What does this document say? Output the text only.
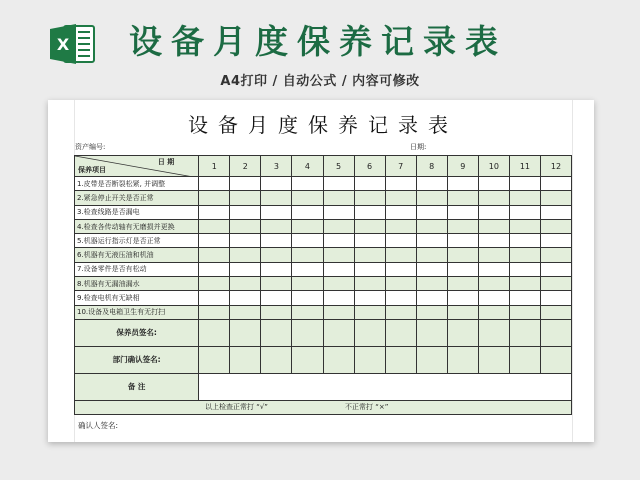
X	设备月度保养记录表
A4打印 / 自动公式 / 内容可修改
设备月度保养记录表
资产编号:	日期:
日 期
保养项目	1	2	3	4	5	6	7	8	9	10	11	12
1.皮带是否断裂松紧, 并调整												
2.紧急停止开关是否正常												
3.检查线路是否漏电												
4.检查各传动轴有无磨损并更换												
5.机器运行指示灯是否正常												
6.机器有无液压油和机油												
7.设备零件是否有松动												
8.机器有无漏油漏水												
9.检查电机有无缺相												
10.设备及电箱卫生有无打扫												
保养员签名:												
部门确认签名:												
备 注												

以上检查正常打 “√” 不正常打 “×”												
确认人签名:
